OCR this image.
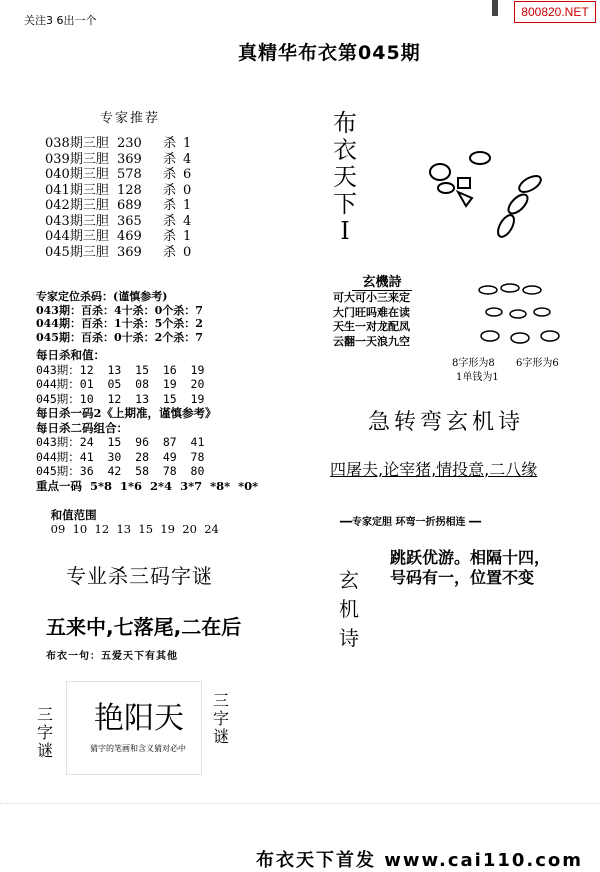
关注3 6出一个
800820.NET
真精华布衣第045期
专家推荐
038期三胆 230 杀 1
039期三胆 369 杀 4
040期三胆 578 杀 6
041期三胆 128 杀 0
042期三胆 689 杀 1
043期三胆 365 杀 4
044期三胆 469 杀 1
045期三胆 369 杀 0
专家定位杀码：(谨慎参考)
043期：百杀：4十杀：0个杀：7
044期：百杀：1十杀：5个杀：2
045期：百杀：0十杀：2个杀：7
每日杀和值：
043期：12  13  15  16  19
044期：01  05  08  19  20
045期：10  12  13  15  19
每日杀一码2《上期准，谨慎参考》
每日杀二码组合：
043期：24  15  96  87  41
044期：41  30  28  49  78
045期：36  42  58  78  80
重点一码  5*8  1*6  2*4  3*7  *8*  *0*

和值范围
09  10  12  13  15  19  20  24

专业杀三码字谜
五来中,七落尾,二在后
布衣一句：五爱天下有其他
三
字
谜
三
字
谜
艳阳天
猜字的笔画和含义猜对必中
布
衣
天
下
Ⅰ
玄機詩
可大可小三来定
大门旺吗难在读
天生一对龙配凤
云翻一天浪九空
8字形为8 6字形为6
1单钱为1
急转弯玄机诗
四屠夫,论宰猪,情投意,二八缘
━━专家定胆 环弯一折拐相连 ━━
玄
机
诗
跳跃优游。相隔十四，
号码有一，位置不变
布衣天下首发 www.cai110.com
